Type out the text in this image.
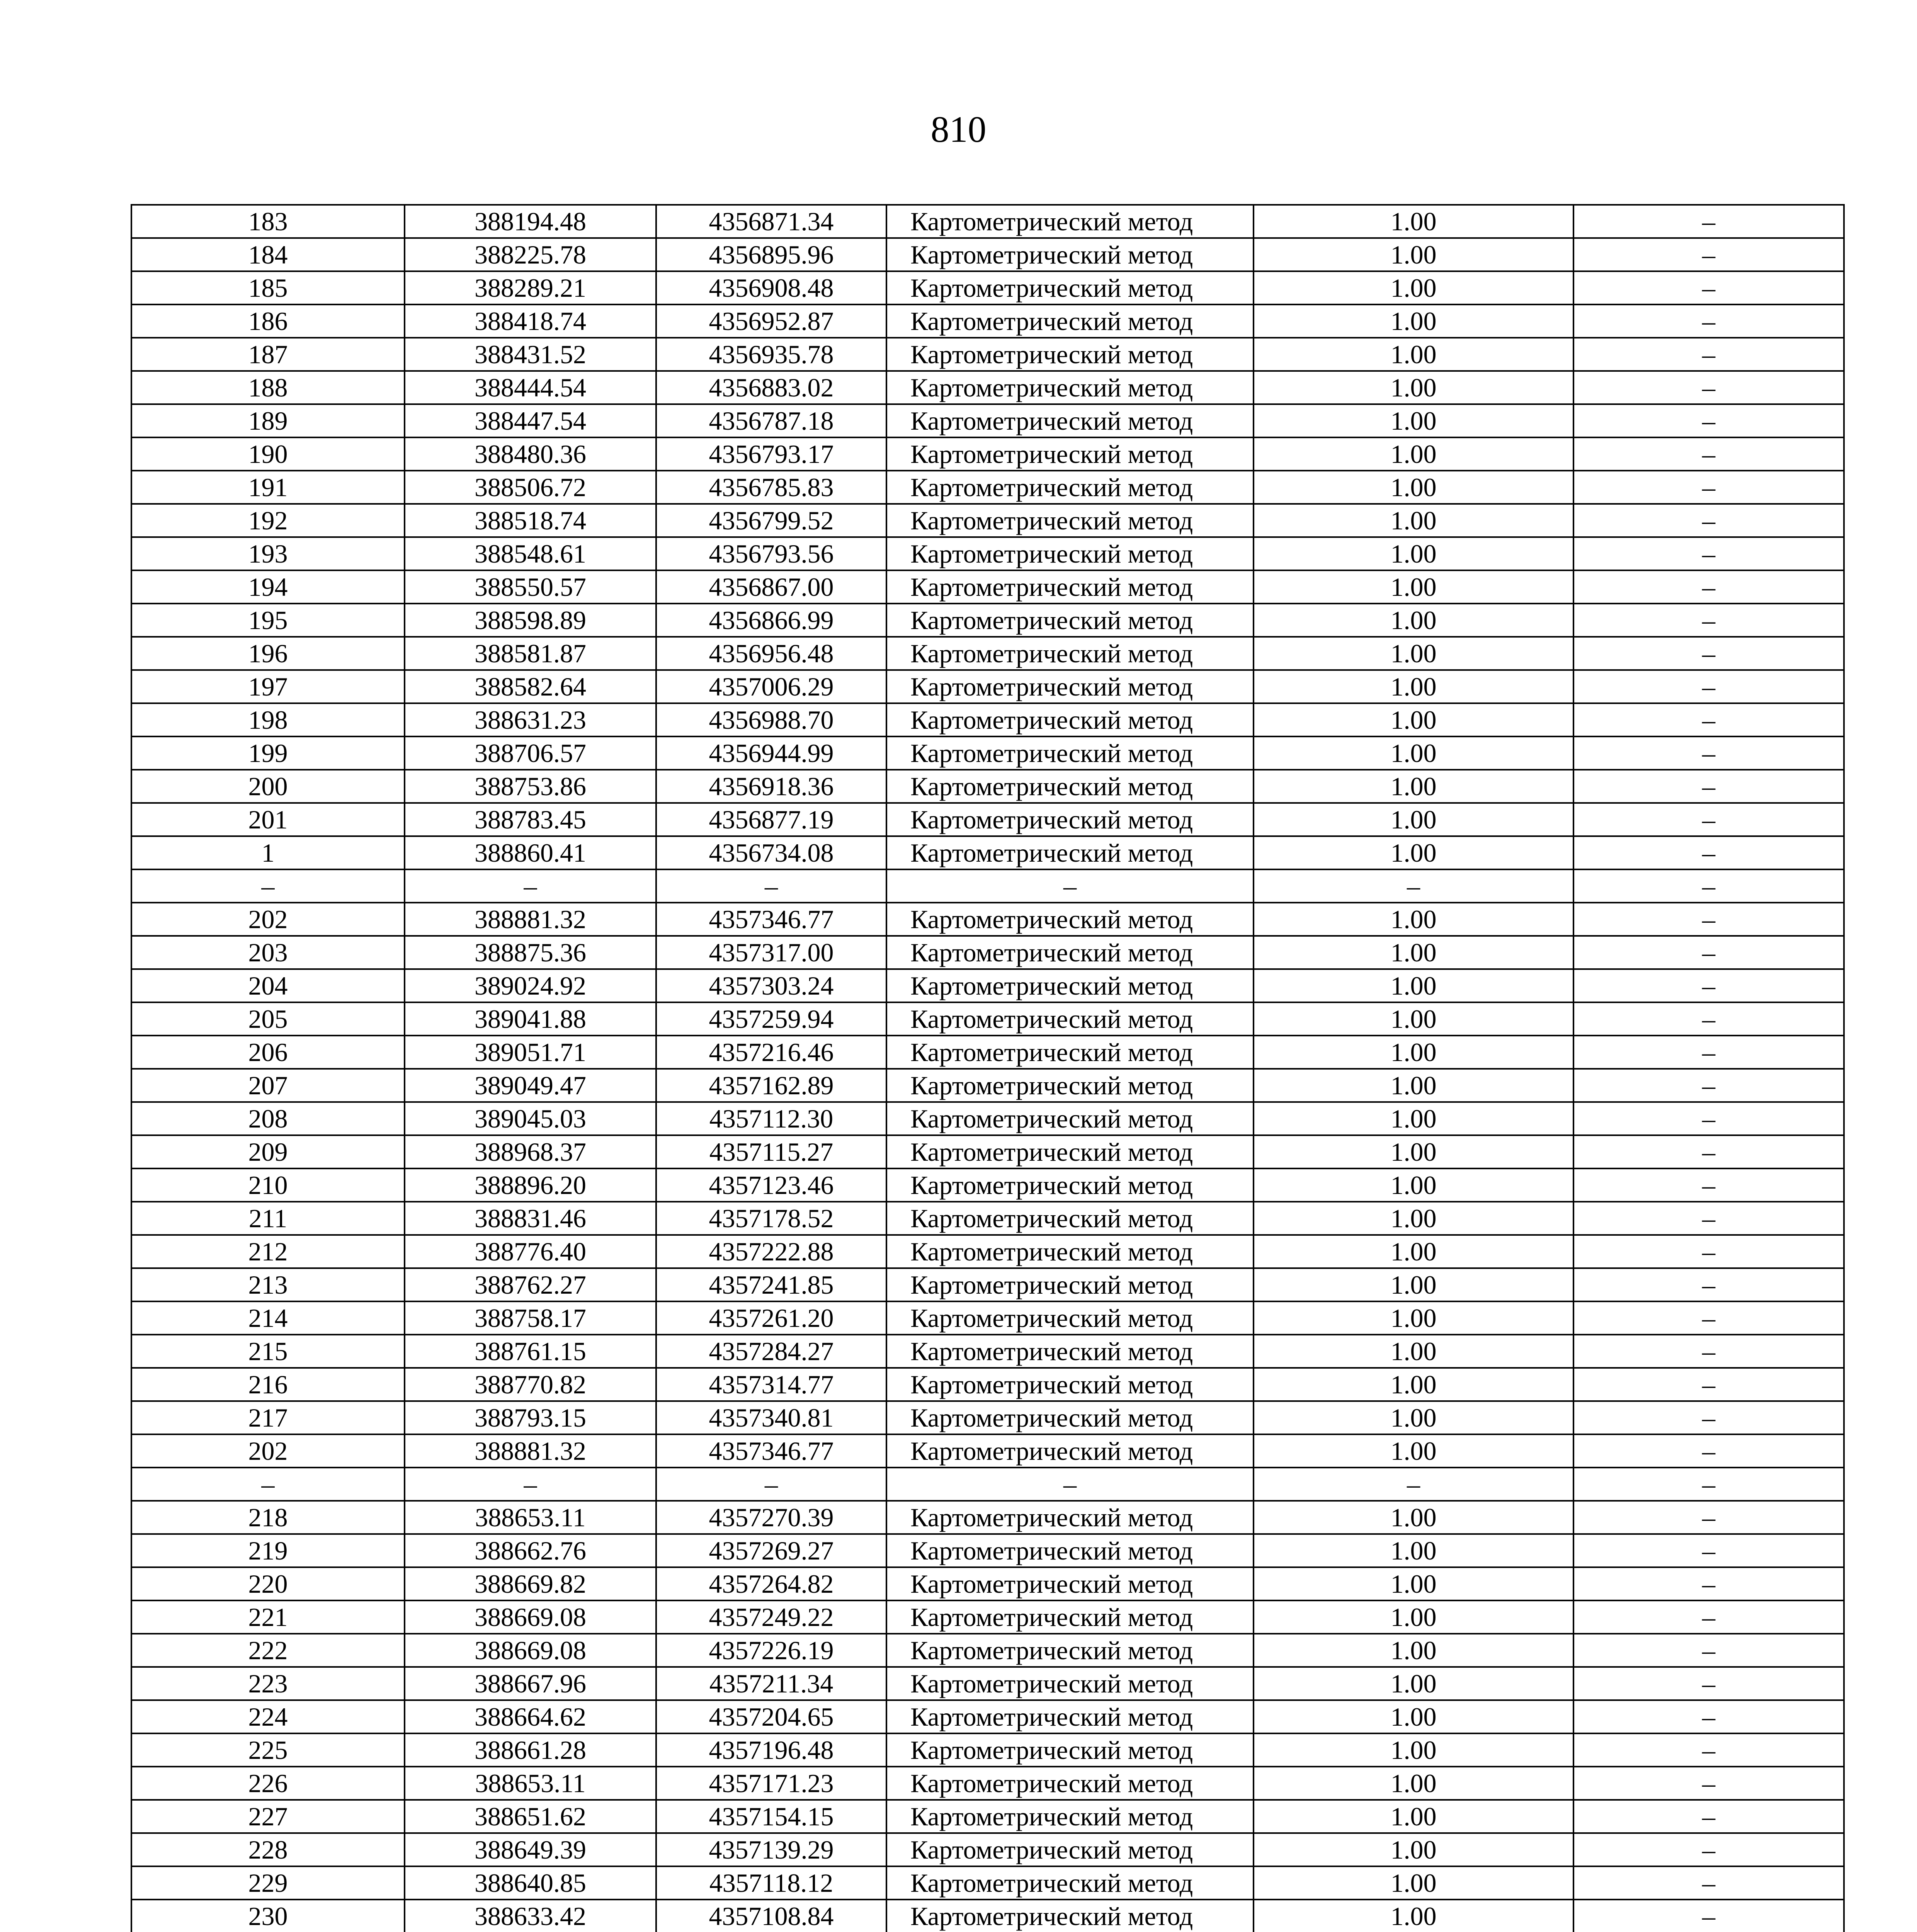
810
183	388194.48	4356871.34	Картометрический метод	1.00	–
184	388225.78	4356895.96	Картометрический метод	1.00	–
185	388289.21	4356908.48	Картометрический метод	1.00	–
186	388418.74	4356952.87	Картометрический метод	1.00	–
187	388431.52	4356935.78	Картометрический метод	1.00	–
188	388444.54	4356883.02	Картометрический метод	1.00	–
189	388447.54	4356787.18	Картометрический метод	1.00	–
190	388480.36	4356793.17	Картометрический метод	1.00	–
191	388506.72	4356785.83	Картометрический метод	1.00	–
192	388518.74	4356799.52	Картометрический метод	1.00	–
193	388548.61	4356793.56	Картометрический метод	1.00	–
194	388550.57	4356867.00	Картометрический метод	1.00	–
195	388598.89	4356866.99	Картометрический метод	1.00	–
196	388581.87	4356956.48	Картометрический метод	1.00	–
197	388582.64	4357006.29	Картометрический метод	1.00	–
198	388631.23	4356988.70	Картометрический метод	1.00	–
199	388706.57	4356944.99	Картометрический метод	1.00	–
200	388753.86	4356918.36	Картометрический метод	1.00	–
201	388783.45	4356877.19	Картометрический метод	1.00	–
1	388860.41	4356734.08	Картометрический метод	1.00	–
–	–	–	–	–	–
202	388881.32	4357346.77	Картометрический метод	1.00	–
203	388875.36	4357317.00	Картометрический метод	1.00	–
204	389024.92	4357303.24	Картометрический метод	1.00	–
205	389041.88	4357259.94	Картометрический метод	1.00	–
206	389051.71	4357216.46	Картометрический метод	1.00	–
207	389049.47	4357162.89	Картометрический метод	1.00	–
208	389045.03	4357112.30	Картометрический метод	1.00	–
209	388968.37	4357115.27	Картометрический метод	1.00	–
210	388896.20	4357123.46	Картометрический метод	1.00	–
211	388831.46	4357178.52	Картометрический метод	1.00	–
212	388776.40	4357222.88	Картометрический метод	1.00	–
213	388762.27	4357241.85	Картометрический метод	1.00	–
214	388758.17	4357261.20	Картометрический метод	1.00	–
215	388761.15	4357284.27	Картометрический метод	1.00	–
216	388770.82	4357314.77	Картометрический метод	1.00	–
217	388793.15	4357340.81	Картометрический метод	1.00	–
202	388881.32	4357346.77	Картометрический метод	1.00	–
–	–	–	–	–	–
218	388653.11	4357270.39	Картометрический метод	1.00	–
219	388662.76	4357269.27	Картометрический метод	1.00	–
220	388669.82	4357264.82	Картометрический метод	1.00	–
221	388669.08	4357249.22	Картометрический метод	1.00	–
222	388669.08	4357226.19	Картометрический метод	1.00	–
223	388667.96	4357211.34	Картометрический метод	1.00	–
224	388664.62	4357204.65	Картометрический метод	1.00	–
225	388661.28	4357196.48	Картометрический метод	1.00	–
226	388653.11	4357171.23	Картометрический метод	1.00	–
227	388651.62	4357154.15	Картометрический метод	1.00	–
228	388649.39	4357139.29	Картометрический метод	1.00	–
229	388640.85	4357118.12	Картометрический метод	1.00	–
230	388633.42	4357108.84	Картометрический метод	1.00	–
